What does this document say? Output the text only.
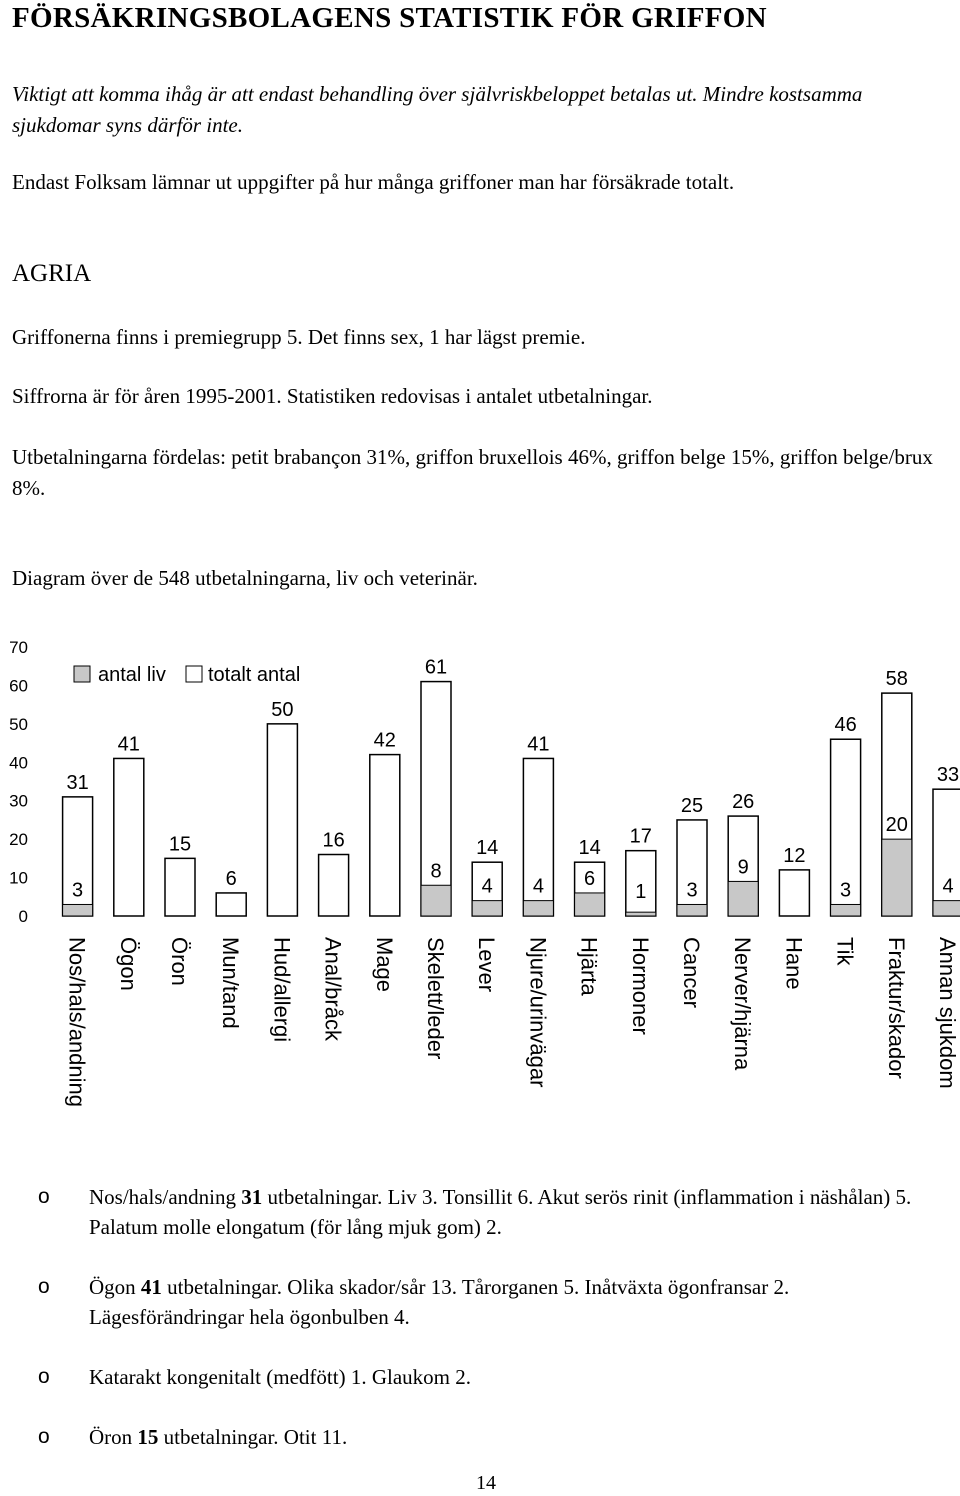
FÖRSÄKRINGSBOLAGENS STATISTIK FÖR GRIFFON

Viktigt att komma ihåg är att endast behandling över självriskbeloppet betalas ut. Mindre kostsamma sjukdomar syns därför inte.

Endast Folksam lämnar ut uppgifter på hur många griffoner man har försäkrade totalt.

AGRIA

Griffonerna finns i premiegrupp 5. Det finns sex, 1 har lägst premie.

Siffrorna är för åren 1995-2001. Statistiken redovisas i antalet utbetalningar.

Utbetalningarna fördelas: petit brabançon 31%, griffon bruxellois 46%, griffon belge 15%, griffon belge/brux 8%.

Diagram över de 548 utbetalningarna, liv och veterinär.

0
10
20
30
40
50
60
70
31
3
41
15
6
50
16
42
61
8
14
4
41
4
14
6
17
1
25
3
26
9
12
46
3
58
20
33
4
Nos/hals/andning Ögon Öron Mun/tand Hud/allergi Anal/bråck Mage Skelett/leder Lever Njure/urinvägar Hjärta Hormoner Cancer Nerver/hjärna Hane Tik Fraktur/skador Annan sjukdom
antal liv totalt antal
o Nos/hals/andning 31 utbetalningar. Liv 3. Tonsillit 6. Akut serös rinit (inflammation i näshålan) 5. Palatum molle elongatum (för lång mjuk gom) 2.
o Ögon 41 utbetalningar. Olika skador/sår 13. Tårorganen 5. Inåtväxta ögonfransar 2. Lägesförändringar hela ögonbulben 4.
o Katarakt kongenitalt (medfött) 1. Glaukom 2.
o Öron 15 utbetalningar. Otit 11.
14
